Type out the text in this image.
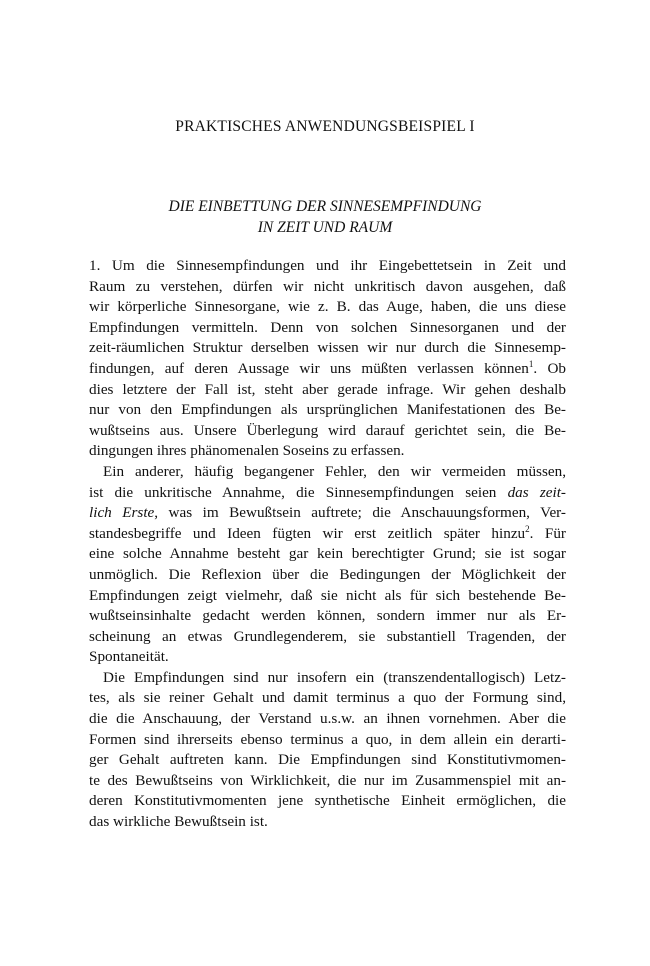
PRAKTISCHES ANWENDUNGSBEISPIEL I
DIE EINBETTUNG DER SINNESEMPFINDUNG
IN ZEIT UND RAUM
1. Um die Sinnesempfindungen und ihr Eingebettetsein in Zeit und
Raum zu verstehen, dürfen wir nicht unkritisch davon ausgehen, daß
wir körperliche Sinnesorgane, wie z. B. das Auge, haben, die uns diese
Empfindungen vermitteln. Denn von solchen Sinnesorganen und der
zeit-räumlichen Struktur derselben wissen wir nur durch die Sinnesemp-
findungen, auf deren Aussage wir uns müßten verlassen können$^1$. Ob
dies letztere der Fall ist, steht aber gerade infrage. Wir gehen deshalb
nur von den Empfindungen als ursprünglichen Manifestationen des Be-
wußtseins aus. Unsere Überlegung wird darauf gerichtet sein, die Be-
dingungen ihres phänomenalen Soseins zu erfassen.
Ein anderer, häufig begangener Fehler, den wir vermeiden müssen,
ist die unkritische Annahme, die Sinnesempfindungen seien das zeit-
lich Erste, was im Bewußtsein auftrete; die Anschauungsformen, Ver-
standesbegriffe und Ideen fügten wir erst zeitlich später hinzu$^2$. Für
eine solche Annahme besteht gar kein berechtigter Grund; sie ist sogar
unmöglich. Die Reflexion über die Bedingungen der Möglichkeit der
Empfindungen zeigt vielmehr, daß sie nicht als für sich bestehende Be-
wußtseinsinhalte gedacht werden können, sondern immer nur als Er-
scheinung an etwas Grundlegenderem, sie substantiell Tragenden, der
Spontaneität.
Die Empfindungen sind nur insofern ein (transzendentallogisch) Letz-
tes, als sie reiner Gehalt und damit terminus a quo der Formung sind,
die die Anschauung, der Verstand u.s.w. an ihnen vornehmen. Aber die
Formen sind ihrerseits ebenso terminus a quo, in dem allein ein derarti-
ger Gehalt auftreten kann. Die Empfindungen sind Konstitutivmomen-
te des Bewußtseins von Wirklichkeit, die nur im Zusammenspiel mit an-
deren Konstitutivmomenten jene synthetische Einheit ermöglichen, die
das wirkliche Bewußtsein ist.
